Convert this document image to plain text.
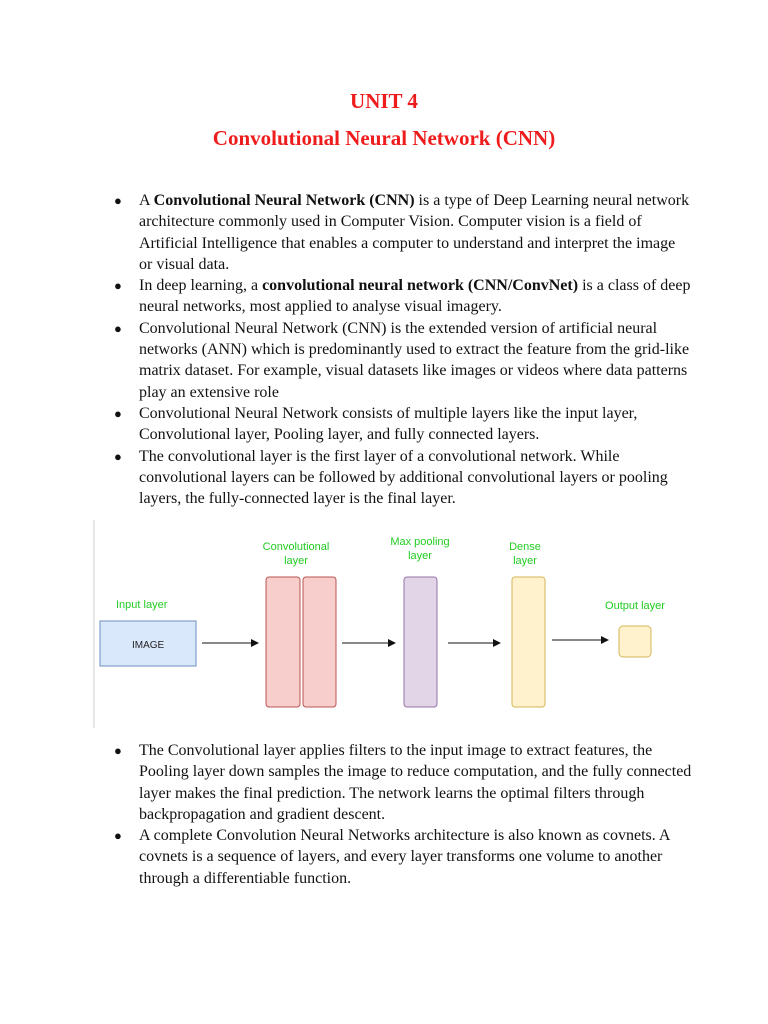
UNIT 4
Convolutional Neural Network (CNN)
● A Convolutional Neural Network (CNN) is a type of Deep Learning neural network architecture commonly used in Computer Vision. Computer vision is a field of Artificial Intelligence that enables a computer to understand and interpret the image or visual data.
● In deep learning, a convolutional neural network (CNN/ConvNet) is a class of deep neural networks, most applied to analyse visual imagery.
● Convolutional Neural Network (CNN) is the extended version of artificial neural networks (ANN) which is predominantly used to extract the feature from the grid-like matrix dataset. For example, visual datasets like images or videos where data patterns play an extensive role
● Convolutional Neural Network consists of multiple layers like the input layer, Convolutional layer, Pooling layer, and fully connected layers.
● The convolutional layer is the first layer of a convolutional network. While convolutional layers can be followed by additional convolutional layers or pooling layers, the fully-connected layer is the final layer.
Input layer
IMAGE
Convolutional
layer
Max pooling
layer
Dense
layer
Output layer
● The Convolutional layer applies filters to the input image to extract features, the Pooling layer down samples the image to reduce computation, and the fully connected layer makes the final prediction. The network learns the optimal filters through backpropagation and gradient descent.
● A complete Convolution Neural Networks architecture is also known as covnets. A covnets is a sequence of layers, and every layer transforms one volume to another through a differentiable function.
